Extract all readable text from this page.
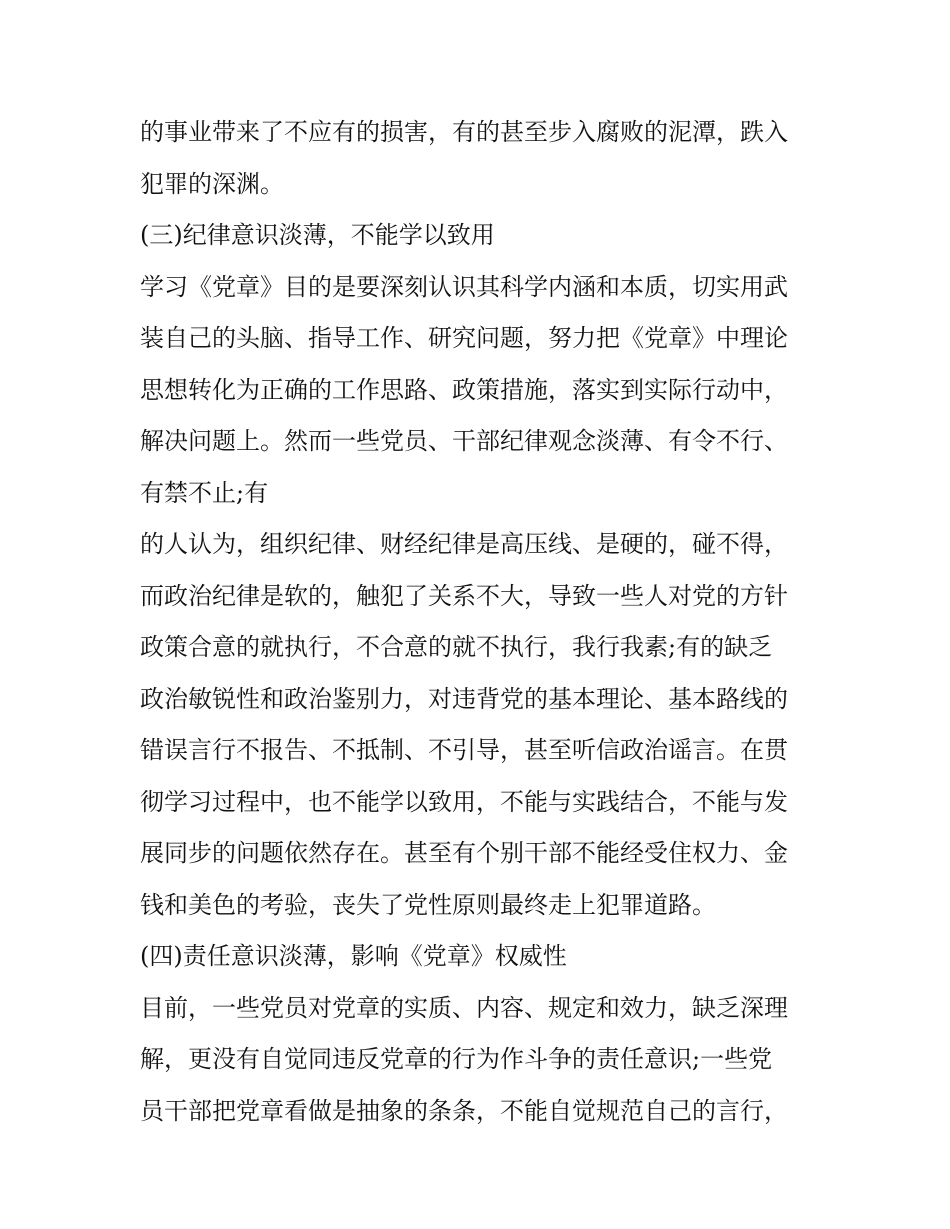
的事业带来了不应有的损害，有的甚至步入腐败的泥潭，跌入
犯罪的深渊。
(三)纪律意识淡薄，不能学以致用
学习《党章》目的是要深刻认识其科学内涵和本质，切实用武
装自己的头脑、指导工作、研究问题，努力把《党章》中理论
思想转化为正确的工作思路、政策措施，落实到实际行动中，
解决问题上。然而一些党员、干部纪律观念淡薄、有令不行、
有禁不止;有
的人认为，组织纪律、财经纪律是高压线、是硬的，碰不得，
而政治纪律是软的，触犯了关系不大，导致一些人对党的方针
政策合意的就执行，不合意的就不执行，我行我素;有的缺乏
政治敏锐性和政治鉴别力，对违背党的基本理论、基本路线的
错误言行不报告、不抵制、不引导，甚至听信政治谣言。在贯
彻学习过程中，也不能学以致用，不能与实践结合，不能与发
展同步的问题依然存在。甚至有个别干部不能经受住权力、金
钱和美色的考验，丧失了党性原则最终走上犯罪道路。
(四)责任意识淡薄，影响《党章》权威性
目前，一些党员对党章的实质、内容、规定和效力，缺乏深理
解，更没有自觉同违反党章的行为作斗争的责任意识;一些党
员干部把党章看做是抽象的条条，不能自觉规范自己的言行，
